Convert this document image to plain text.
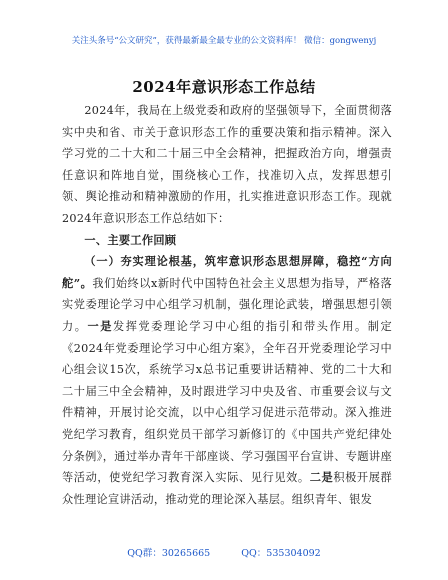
关注头条号“公文研究”，获得最新最全最专业的公文资料库！ 微信：gongwenyj
2024年意识形态工作总结

2024年，我局在上级党委和政府的坚强领导下，全面贯彻落实中央和省、市关于意识形态工作的重要决策和指示精神。深入学习党的二十大和二十届三中全会精神，把握政治方向，增强责任意识和阵地自觉，围绕核心工作，找准切入点，发挥思想引领、舆论推动和精神激励的作用，扎实推进意识形态工作。现就2024年意识形态工作总结如下：

一、主要工作回顾

（一）夯实理论根基，筑牢意识形态思想屏障，稳控“方向舵”。我们始终以x新时代中国特色社会主义思想为指导，严格落实党委理论学习中心组学习机制，强化理论武装，增强思想引领力。一是发挥党委理论学习中心组的指引和带头作用。制定《2024年党委理论学习中心组方案》，全年召开党委理论学习中心组会议15次，系统学习x总书记重要讲话精神、党的二十大和二十届三中全会精神，及时跟进学习中央及省、市重要会议与文件精神，开展讨论交流，以中心组学习促进示范带动。深入推进党纪学习教育，组织党员干部学习新修订的《中国共产党纪律处分条例》，通过举办青年干部座谈、学习强国平台宣讲、专题讲座等活动，使党纪学习教育深入实际、见行见效。二是积极开展群众性理论宣讲活动，推动党的理论深入基层。组织青年、银发

QQ群：30265665	QQ：535304092
